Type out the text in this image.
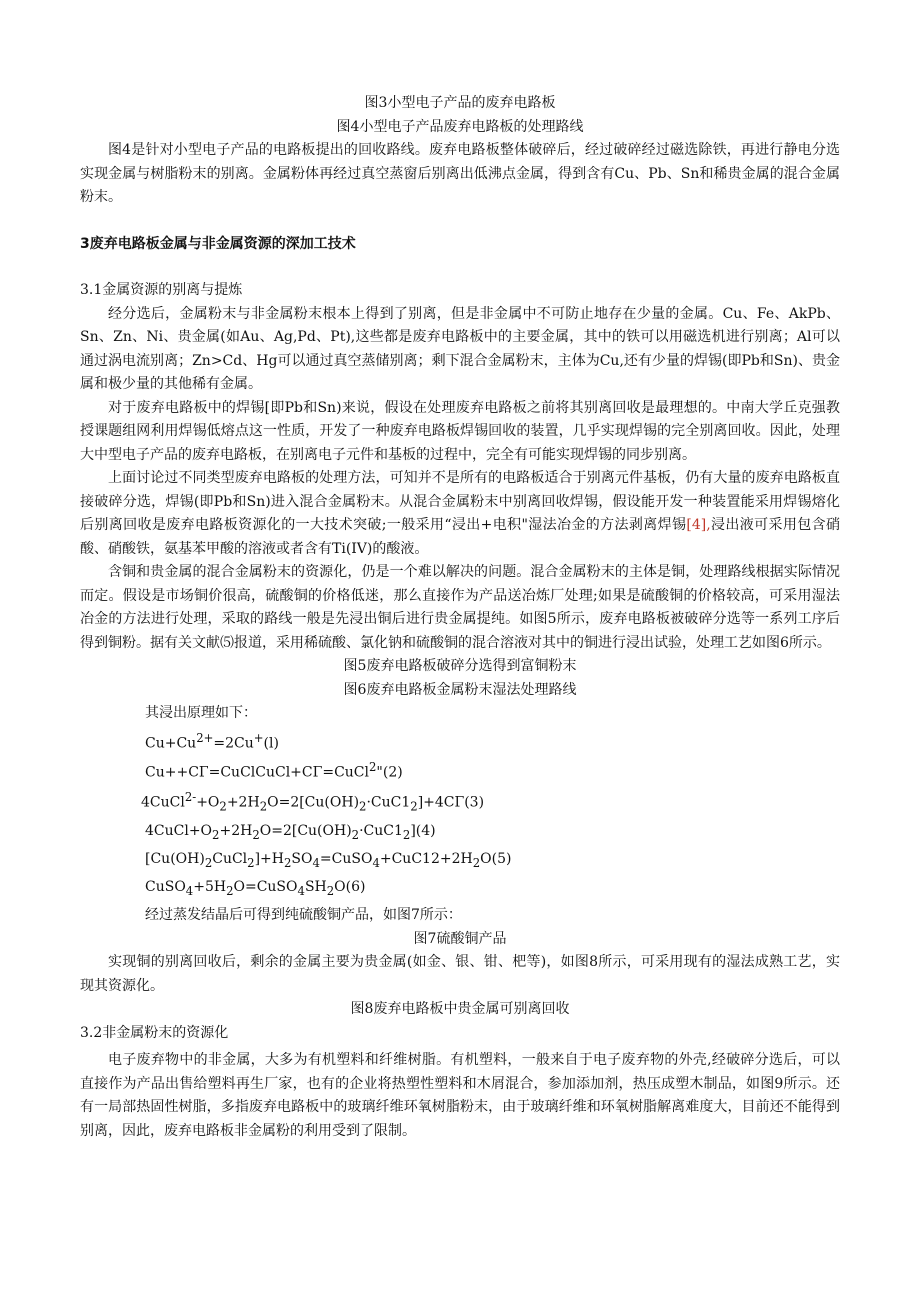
图3小型电子产品的废弃电路板

图4小型电子产品废弃电路板的处理路线

图4是针对小型电子产品的电路板提出的回收路线。废弃电路板整体破碎后，经过破碎经过磁选除铁，再进行静电分选实现金属与树脂粉末的别离。金属粉体再经过真空蒸窗后别离出低沸点金属，得到含有Cu、Pb、Sn和稀贵金属的混合金属粉末。

3废弃电路板金属与非金属资源的深加工技术

3.1金属资源的别离与提炼

经分选后，金属粉末与非金属粉末根本上得到了别离，但是非金属中不可防止地存在少量的金属。Cu、Fe、AkPb、Sn、Zn、Ni、贵金属(如Au、Ag,Pd、Pt),这些都是废弃电路板中的主要金属，其中的铁可以用磁选机进行别离；Al可以通过涡电流别离；Zn>Cd、Hg可以通过真空蒸储别离；剩下混合金属粉末，主体为Cu,还有少量的焊锡(即Pb和Sn)、贵金属和极少量的其他稀有金属。

对于废弃电路板中的焊锡[即Pb和Sn)来说，假设在处理废弃电路板之前将其别离回收是最理想的。中南大学丘克强教授课题组网利用焊锡低熔点这一性质，开发了一种废弃电路板焊锡回收的装置，几乎实现焊锡的完全别离回收。因此，处理大中型电子产品的废弃电路板，在别离电子元件和基板的过程中，完全有可能实现焊锡的同步别离。

上面讨论过不同类型废弃电路板的处理方法，可知并不是所有的电路板适合于别离元件基板，仍有大量的废弃电路板直接破碎分选，焊锡(即Pb和Sn)进入混合金属粉末。从混合金属粉末中别离回收焊锡，假设能开发一种装置能采用焊锡熔化后别离回收是废弃电路板资源化的一大技术突破;一般采用“浸出+电积"湿法冶金的方法剥离焊锡[4],浸出液可采用包含硝酸、硝酸铁，氨基苯甲酸的溶液或者含有Ti(IV)的酸液。

含铜和贵金属的混合金属粉末的资源化，仍是一个难以解决的问题。混合金属粉末的主体是铜，处理路线根据实际情况而定。假设是市场铜价很高，硫酸铜的价格低迷，那么直接作为产品送冶炼厂处理;如果是硫酸铜的价格较高，可采用湿法冶金的方法进行处理，采取的路线一般是先浸出铜后进行贵金属提纯。如图5所示，废弃电路板被破碎分选等一系列工序后得到铜粉。据有关文献⑸报道，采用稀硫酸、氯化钠和硫酸铜的混合溶液对其中的铜进行浸出试验，处理工艺如图6所示。

图5废弃电路板破碎分选得到富铜粉末

图6废弃电路板金属粉末湿法处理路线

其浸出原理如下：

$Cu+Cu^{2+}=2Cu^+(l)$

Cu++CΓ=CuClCuCl+CΓ=CuCl$^2$"(2)

$4CuCl^{2-}+O_2+2H_2O=2[Cu(OH)_2\cdot CuC1_2]+4C\Gamma(3)$

$4CuCl+O_2+2H_2O=2[Cu(OH)_2\cdot CuC1_2](4)$

$[Cu(OH)_2CuCl_2]+H_2SO_4=CuSO_4+CuC12+2H_2O(5)$

$CuSO_4+5H_2O=CuSO_4SH_2O(6)$

经过蒸发结晶后可得到纯硫酸铜产品，如图7所示：

图7硫酸铜产品

实现铜的别离回收后，剩余的金属主要为贵金属(如金、银、钳、杷等)，如图8所示，可采用现有的湿法成熟工艺，实现其资源化。

图8废弃电路板中贵金属可别离回收

3.2非金属粉末的资源化

电子废弃物中的非金属，大多为有机塑料和纤维树脂。有机塑料，一般来自于电子废弃物的外壳,经破碎分选后，可以直接作为产品出售给塑料再生厂家，也有的企业将热塑性塑料和木屑混合，参加添加剂，热压成塑木制品，如图9所示。还有一局部热固性树脂，多指废弃电路板中的玻璃纤维环氧树脂粉末，由于玻璃纤维和环氧树脂解离难度大，目前还不能得到别离，因此，废弃电路板非金属粉的利用受到了限制。
